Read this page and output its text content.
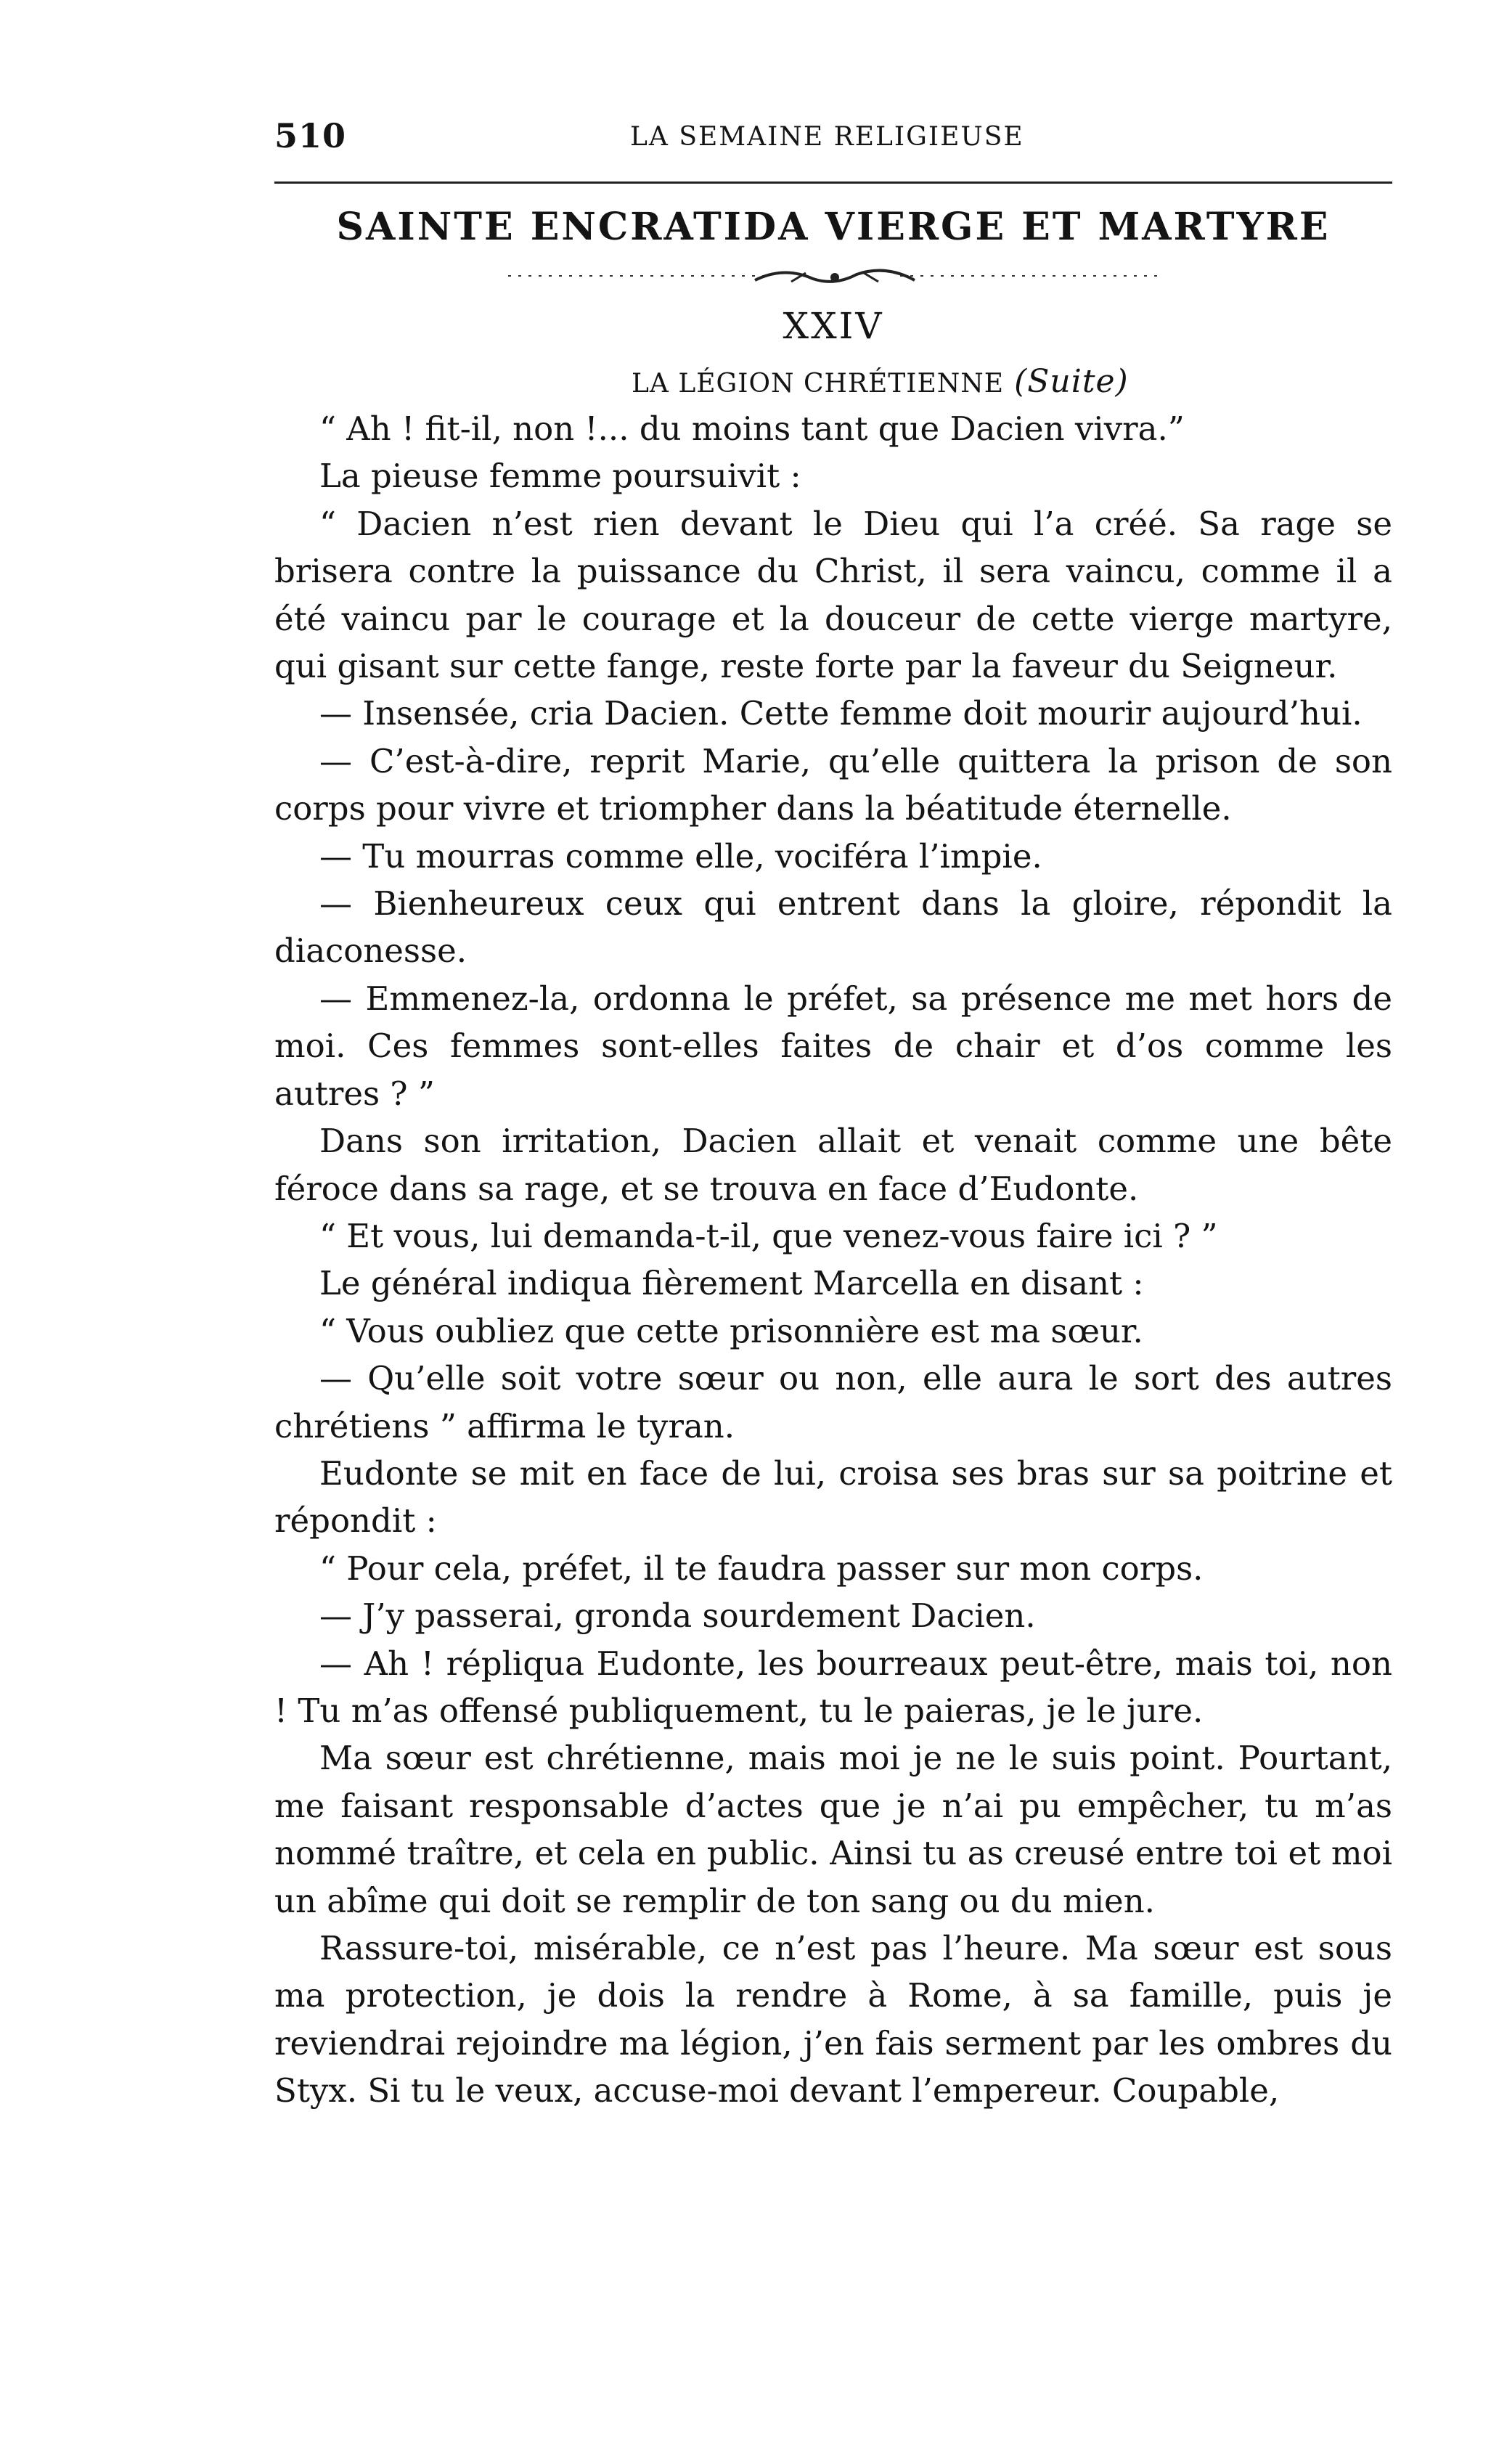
510	LA SEMAINE RELIGIEUSE
SAINTE ENCRATIDA VIERGE ET MARTYRE
XXIV
LA LÉGION CHRÉTIENNE (Suite)

“ Ah ! fit-il, non !... du moins tant que Dacien vivra.”

La pieuse femme poursuivit :

“ Dacien n’est rien devant le Dieu qui l’a créé. Sa rage se brisera contre la puissance du Christ, il sera vaincu, comme il a été vaincu par le courage et la douceur de cette vierge martyre, qui gisant sur cette fange, reste forte par la faveur du Seigneur.

— Insensée, cria Dacien. Cette femme doit mourir aujourd’hui.

— C’est-à-dire, reprit Marie, qu’elle quittera la prison de son corps pour vivre et triompher dans la béatitude éternelle.

— Tu mourras comme elle, vociféra l’impie.

— Bienheureux ceux qui entrent dans la gloire, répondit la diaconesse.

— Emmenez-la, ordonna le préfet, sa présence me met hors de moi. Ces femmes sont-elles faites de chair et d’os comme les autres ? ”

Dans son irritation, Dacien allait et venait comme une bête féroce dans sa rage, et se trouva en face d’Eudonte.

“ Et vous, lui demanda-t-il, que venez-vous faire ici ? ”

Le général indiqua fièrement Marcella en disant :

“ Vous oubliez que cette prisonnière est ma sœur.

— Qu’elle soit votre sœur ou non, elle aura le sort des autres chrétiens ” affirma le tyran.

Eudonte se mit en face de lui, croisa ses bras sur sa poitrine et répondit :

“ Pour cela, préfet, il te faudra passer sur mon corps.

— J’y passerai, gronda sourdement Dacien.

— Ah ! répliqua Eudonte, les bourreaux peut-être, mais toi, non ! Tu m’as offensé publiquement, tu le paieras, je le jure.

Ma sœur est chrétienne, mais moi je ne le suis point. Pourtant, me faisant responsable d’actes que je n’ai pu empêcher, tu m’as nommé traître, et cela en public. Ainsi tu as creusé entre toi et moi un abîme qui doit se remplir de ton sang ou du mien.

Rassure-toi, misérable, ce n’est pas l’heure. Ma sœur est sous ma protection, je dois la rendre à Rome, à sa famille, puis je reviendrai rejoindre ma légion, j’en fais serment par les ombres du Styx. Si tu le veux, accuse-moi devant l’empereur. Coupable,
